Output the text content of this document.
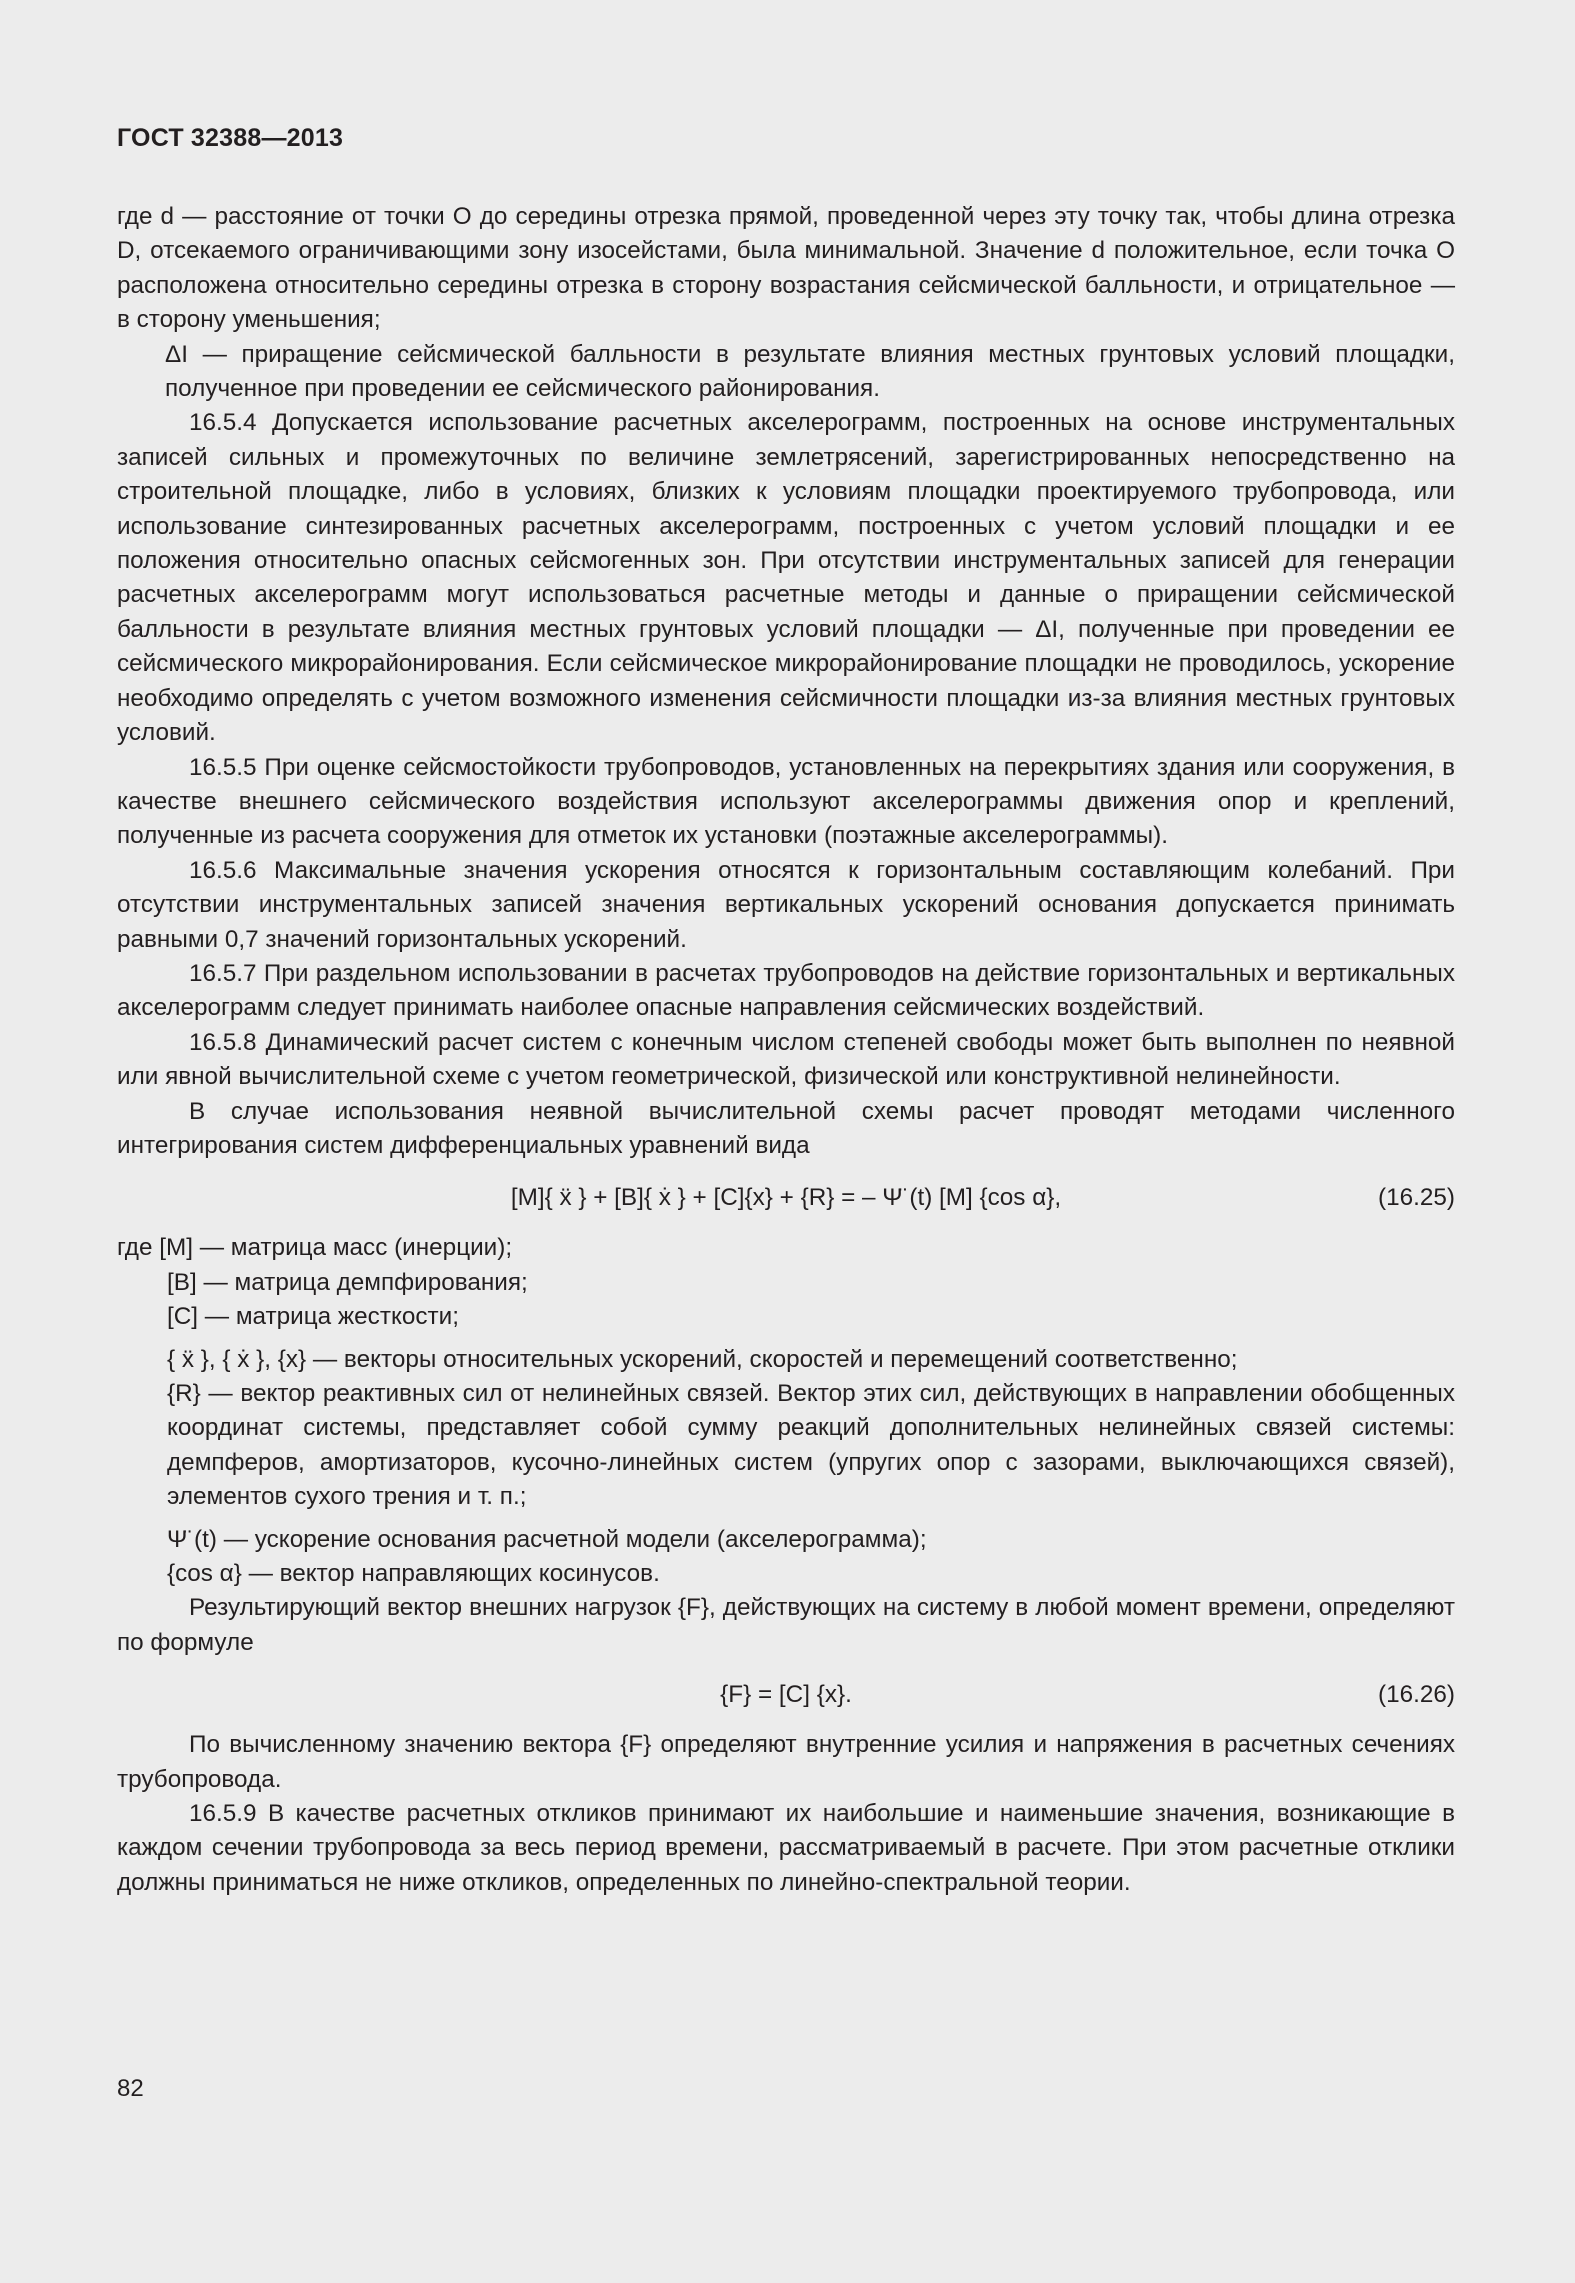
ГОСТ 32388—2013

где d — расстояние от точки O до середины отрезка прямой, проведенной через эту точку так, чтобы длина отрезка D, отсекаемого ограничивающими зону изосейстами, была минимальной. Значение d положительное, если точка O расположена относительно середины отрезка в сторону возрастания сейсмической балльности, и отрицательное — в сторону уменьшения;

ΔI — приращение сейсмической балльности в результате влияния местных грунтовых условий площадки, полученное при проведении ее сейсмического районирования.

16.5.4 Допускается использование расчетных акселерограмм, построенных на основе инструментальных записей сильных и промежуточных по величине землетрясений, зарегистрированных непосредственно на строительной площадке, либо в условиях, близких к условиям площадки проектируемого трубопровода, или использование синтезированных расчетных акселерограмм, построенных с учетом условий площадки и ее положения относительно опасных сейсмогенных зон. При отсутствии инструментальных записей для генерации расчетных акселерограмм могут использоваться расчетные методы и данные о приращении сейсмической балльности в результате влияния местных грунтовых условий площадки — ΔI, полученные при проведении ее сейсмического микрорайонирования. Если сейсмическое микрорайонирование площадки не проводилось, ускорение необходимо определять с учетом возможного изменения сейсмичности площадки из-за влияния местных грунтовых условий.

16.5.5 При оценке сейсмостойкости трубопроводов, установленных на перекрытиях здания или сооружения, в качестве внешнего сейсмического воздействия используют акселерограммы движения опор и креплений, полученные из расчета сооружения для отметок их установки (поэтажные акселерограммы).

16.5.6 Максимальные значения ускорения относятся к горизонтальным составляющим колебаний. При отсутствии инструментальных записей значения вертикальных ускорений основания допускается принимать равными 0,7 значений горизонтальных ускорений.

16.5.7 При раздельном использовании в расчетах трубопроводов на действие горизонтальных и вертикальных акселерограмм следует принимать наиболее опасные направления сейсмических воздействий.

16.5.8 Динамический расчет систем с конечным числом степеней свободы может быть выполнен по неявной или явной вычислительной схеме с учетом геометрической, физической или конструктивной нелинейности.

В случае использования неявной вычислительной схемы расчет проводят методами численного интегрирования систем дифференциальных уравнений вида

[M]{ ẍ } + [B]{ ẋ } + [C]{x} + {R} = – Ψ̈ (t) [M] {cos α},	(16.25)

где [M] — матрица масс (инерции);

[B] — матрица демпфирования;

[C] — матрица жесткости;

{ ẍ }, { ẋ }, {x} — векторы относительных ускорений, скоростей и перемещений соответственно;

{R} — вектор реактивных сил от нелинейных связей. Вектор этих сил, действующих в направлении обобщенных координат системы, представляет собой сумму реакций дополнительных нелинейных связей системы: демпферов, амортизаторов, кусочно-линейных систем (упругих опор с зазорами, выключающихся связей), элементов сухого трения и т. п.;

Ψ̈ (t) — ускорение основания расчетной модели (акселерограмма);

{cos α} — вектор направляющих косинусов.

Результирующий вектор внешних нагрузок {F}, действующих на систему в любой момент времени, определяют по формуле

{F} = [C] {x}.	(16.26)

По вычисленному значению вектора {F} определяют внутренние усилия и напряжения в расчетных сечениях трубопровода.

16.5.9 В качестве расчетных откликов принимают их наибольшие и наименьшие значения, возникающие в каждом сечении трубопровода за весь период времени, рассматриваемый в расчете. При этом расчетные отклики должны приниматься не ниже откликов, определенных по линейно-спектральной теории.

82
